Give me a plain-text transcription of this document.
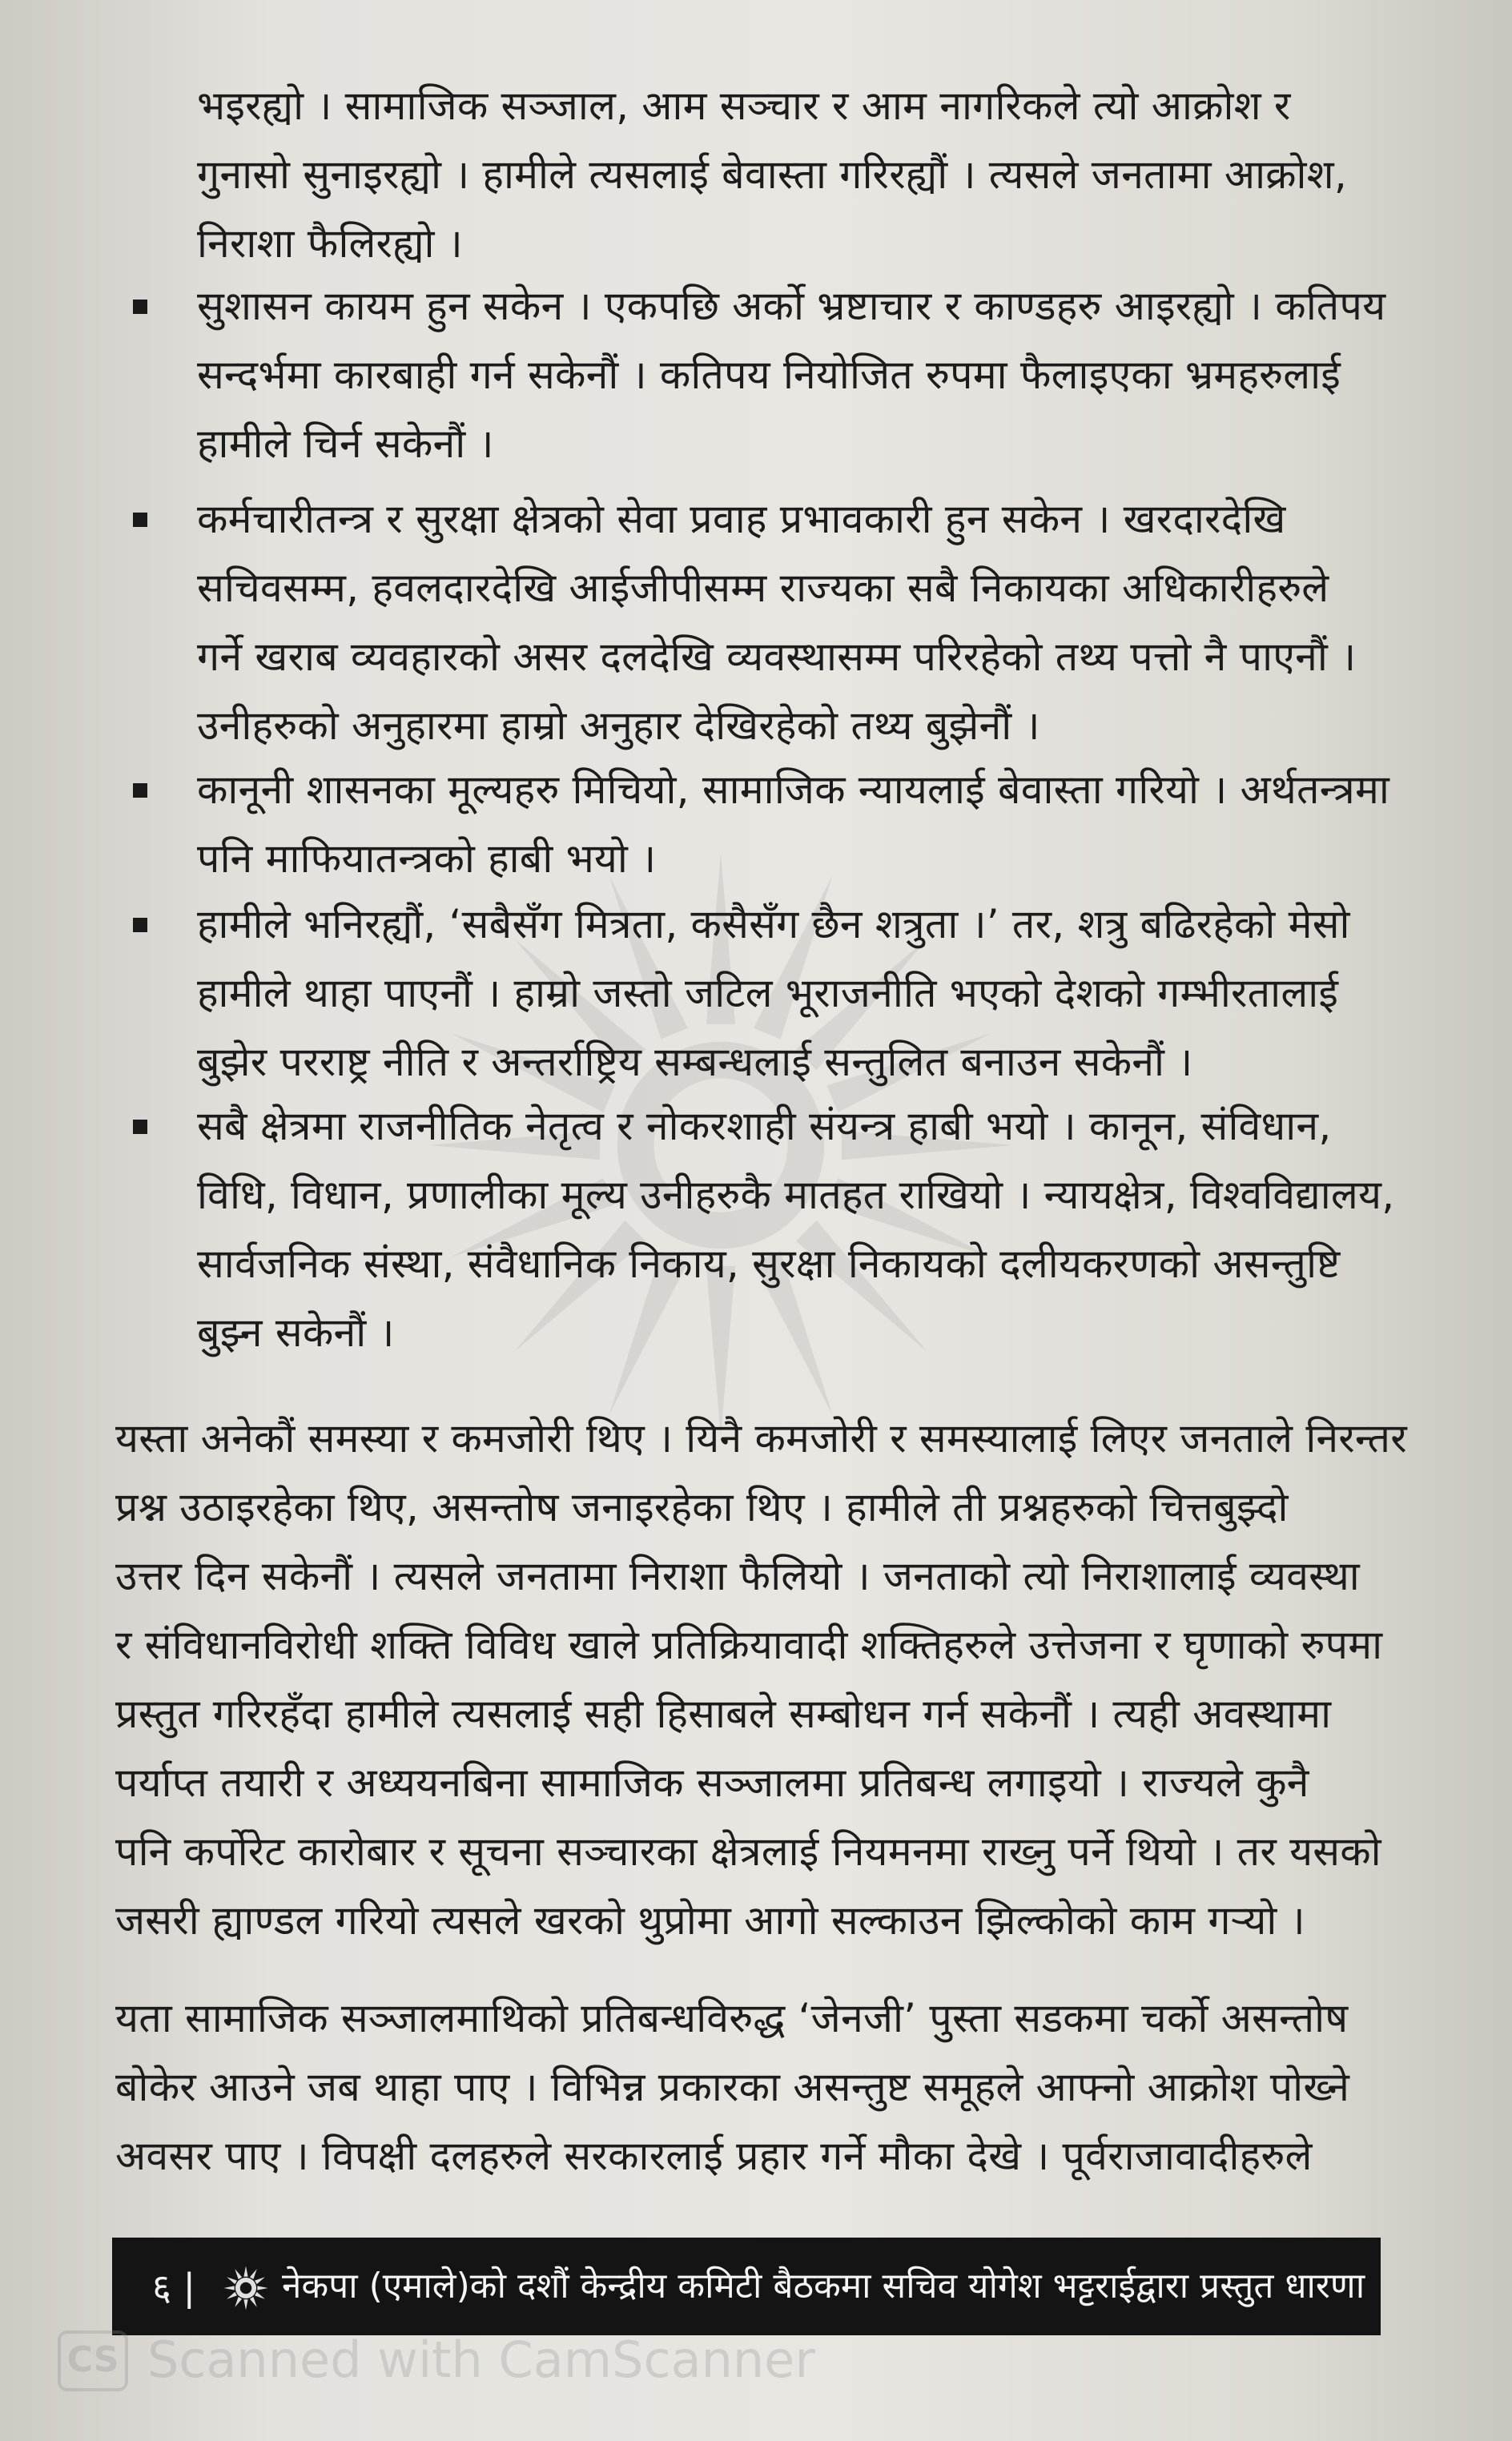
भइरह्यो । सामाजिक सञ्जाल, आम सञ्चार र आम नागरिकले त्यो आक्रोश र
गुनासो सुनाइरह्यो । हामीले त्यसलाई बेवास्ता गरिरह्यौं । त्यसले जनतामा आक्रोश,
निराशा फैलिरह्यो ।
सुशासन कायम हुन सकेन । एकपछि अर्को भ्रष्टाचार र काण्डहरु आइरह्यो । कतिपय
सन्दर्भमा कारबाही गर्न सकेनौं । कतिपय नियोजित रुपमा फैलाइएका भ्रमहरुलाई
हामीले चिर्न सकेनौं ।
कर्मचारीतन्त्र र सुरक्षा क्षेत्रको सेवा प्रवाह प्रभावकारी हुन सकेन । खरदारदेखि
सचिवसम्म, हवलदारदेखि आईजीपीसम्म राज्यका सबै निकायका अधिकारीहरुले
गर्ने खराब व्यवहारको असर दलदेखि व्यवस्थासम्म परिरहेको तथ्य पत्तो नै पाएनौं ।
उनीहरुको अनुहारमा हाम्रो अनुहार देखिरहेको तथ्य बुझेनौं ।
कानूनी शासनका मूल्यहरु मिचियो, सामाजिक न्यायलाई बेवास्ता गरियो । अर्थतन्त्रमा
पनि माफियातन्त्रको हाबी भयो ।
हामीले भनिरह्यौं, ‘सबैसँग मित्रता, कसैसँग छैन शत्रुता ।’ तर, शत्रु बढिरहेको मेसो
हामीले थाहा पाएनौं । हाम्रो जस्तो जटिल भूराजनीति भएको देशको गम्भीरतालाई
बुझेर परराष्ट्र नीति र अन्तर्राष्ट्रिय सम्बन्धलाई सन्तुलित बनाउन सकेनौं ।
सबै क्षेत्रमा राजनीतिक नेतृत्व र नोकरशाही संयन्त्र हाबी भयो । कानून, संविधान,
विधि, विधान, प्रणालीका मूल्य उनीहरुकै मातहत राखियो । न्यायक्षेत्र, विश्वविद्यालय,
सार्वजनिक संस्था, संवैधानिक निकाय, सुरक्षा निकायको दलीयकरणको असन्तुष्टि
बुझ्न सकेनौं ।
यस्ता अनेकौं समस्या र कमजोरी थिए । यिनै कमजोरी र समस्यालाई लिएर जनताले निरन्तर
प्रश्न उठाइरहेका थिए, असन्तोष जनाइरहेका थिए । हामीले ती प्रश्नहरुको चित्तबुझ्दो
उत्तर दिन सकेनौं । त्यसले जनतामा निराशा फैलियो । जनताको त्यो निराशालाई व्यवस्था
र संविधानविरोधी शक्ति विविध खाले प्रतिक्रियावादी शक्तिहरुले उत्तेजना र घृणाको रुपमा
प्रस्तुत गरिरहँदा हामीले त्यसलाई सही हिसाबले सम्बोधन गर्न सकेनौं । त्यही अवस्थामा
पर्याप्त तयारी र अध्ययनबिना सामाजिक सञ्जालमा प्रतिबन्ध लगाइयो । राज्यले कुनै
पनि कर्पोरेट कारोबार र सूचना सञ्चारका क्षेत्रलाई नियमनमा राख्नु पर्ने थियो । तर यसको
जसरी ह्याण्डल गरियो त्यसले खरको थुप्रोमा आगो सल्काउन झिल्कोको काम गर्‍यो ।
यता सामाजिक सञ्जालमाथिको प्रतिबन्धविरुद्ध ‘जेनजी’ पुस्ता सडकमा चर्को असन्तोष
बोकेर आउने जब थाहा पाए । विभिन्न प्रकारका असन्तुष्ट समूहले आफ्नो आक्रोश पोख्ने
अवसर पाए । विपक्षी दलहरुले सरकारलाई प्रहार गर्ने मौका देखे । पूर्वराजावादीहरुले
६ | नेकपा (एमाले)को दशौं केन्द्रीय कमिटी बैठकमा सचिव योगेश भट्टराईद्वारा प्रस्तुत धारणा
CS Scanned with CamScanner
